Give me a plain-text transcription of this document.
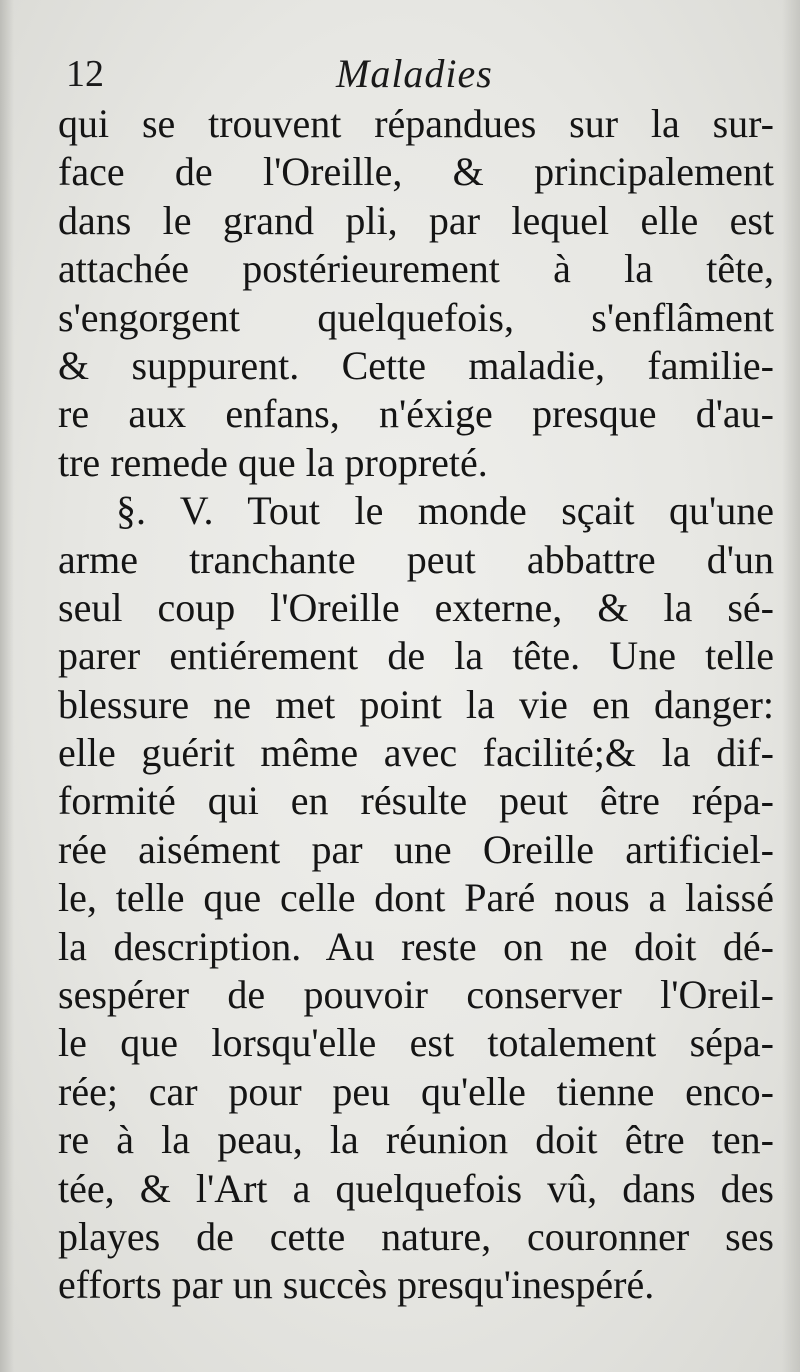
12	Maladies
qui se trouvent répandues sur la sur-
face de l'Oreille, & principalement
dans le grand pli, par lequel elle est
attachée postérieurement à la tête,
s'engorgent quelquefois, s'enflâment
& suppurent. Cette maladie, familie-
re aux enfans, n'éxige presque d'au-
tre remede que la propreté.
§. V. Tout le monde sçait qu'une
arme tranchante peut abbattre d'un
seul coup l'Oreille externe, & la sé-
parer entiérement de la tête. Une telle
blessure ne met point la vie en danger:
elle guérit même avec facilité;& la dif-
formité qui en résulte peut être répa-
rée aisément par une Oreille artificiel-
le, telle que celle dont Paré nous a laissé
la description. Au reste on ne doit dé-
sespérer de pouvoir conserver l'Oreil-
le que lorsqu'elle est totalement sépa-
rée; car pour peu qu'elle tienne enco-
re à la peau, la réunion doit être ten-
tée, & l'Art a quelquefois vû, dans des
playes de cette nature, couronner ses
efforts par un succès presqu'inespéré.
